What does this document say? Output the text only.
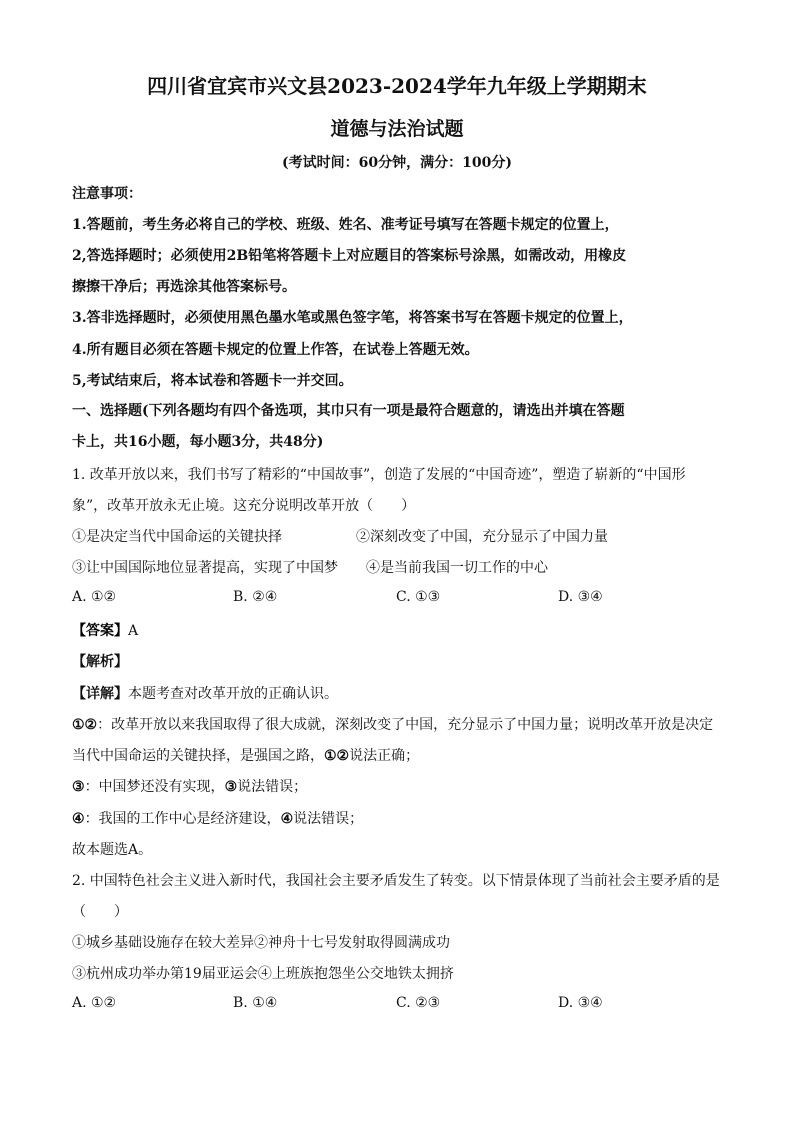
四川省宜宾市兴文县2023-2024学年九年级上学期期末
道德与法治试题
(考试时间：60分钟，满分：100分)
注意事项：
1.答题前，考生务必将自己的学校、班级、姓名、准考证号填写在答题卡规定的位置上，
2,答选择题时；必须使用2B铅笔将答题卡上对应题目的答案标号涂黑，如需改动，用橡皮
擦擦干净后；再选涂其他答案标号。
3.答非选择题时，必须使用黑色墨水笔或黑色签字笔，将答案书写在答题卡规定的位置上，
4.所有题目必须在答题卡规定的位置上作答，在试卷上答题无效。
5,考试结束后，将本试卷和答题卡一并交回。
一、选择题(下列各题均有四个备选项，其巾只有一项是最符合题意的，请选出并填在答题
卡上，共16小题，每小题3分，共48分)
1. 改革开放以来，我们书写了精彩的“中国故事”，创造了发展的“中国奇迹”，塑造了崭新的“中国形
象”，改革开放永无止境。这充分说明改革开放（　　）
①是决定当代中国命运的关键抉择	②深刻改变了中国，充分显示了中国力量
③让中国国际地位显著提高，实现了中国梦 ④是当前我国一切工作的中心
A. ①②	B. ②④	C. ①③	D. ③④
【答案】A
【解析】
【详解】本题考查对改革开放的正确认识。
①②：改革开放以来我国取得了很大成就，深刻改变了中国，充分显示了中国力量；说明改革开放是决定
当代中国命运的关键抉择，是强国之路，①②说法正确；
③：中国梦还没有实现，③说法错误；
④：我国的工作中心是经济建设，④说法错误；
故本题选A。
2. 中国特色社会主义进入新时代，我国社会主要矛盾发生了转变。以下情景体现了当前社会主要矛盾的是
（　　）
①城乡基础设施存在较大差异②神舟十七号发射取得圆满成功
③杭州成功举办第19届亚运会④上班族抱怨坐公交地铁太拥挤
A. ①②	B. ①④	C. ②③	D. ③④
